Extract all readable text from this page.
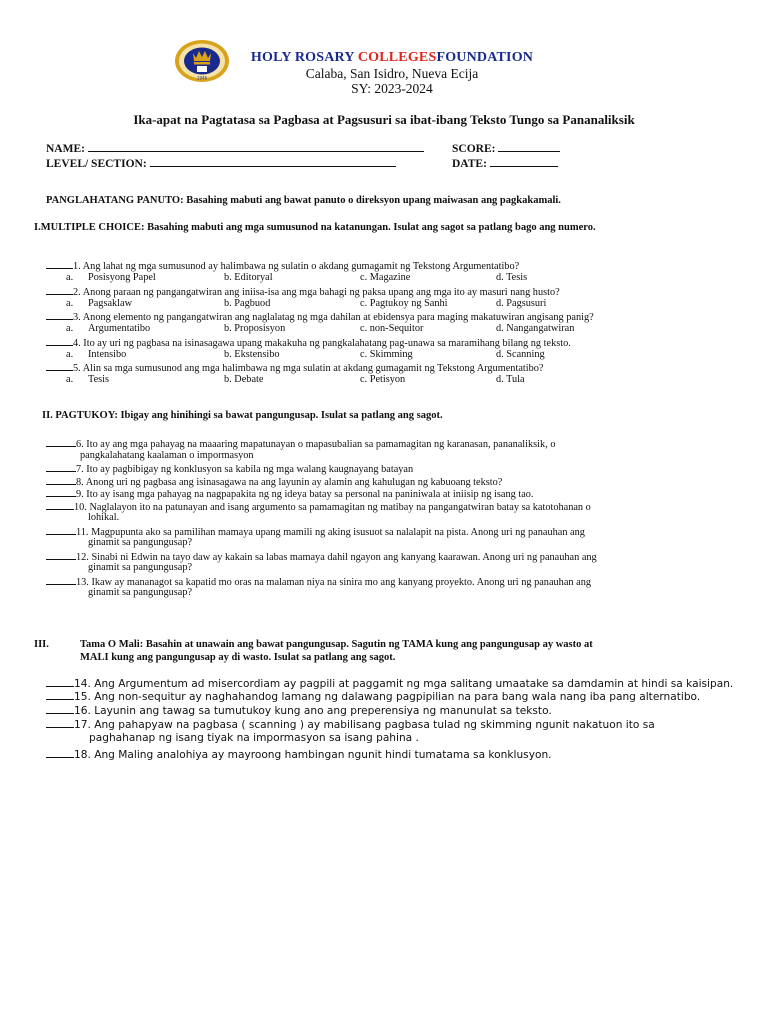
1946
HOLY ROSARY COLLEGESFOUNDATION
Calaba, San Isidro, Nueva Ecija
SY: 2023-2024
Ika-apat na Pagtatasa sa Pagbasa at Pagsusuri sa ibat-ibang Teksto Tungo sa Pananaliksik
NAME:
LEVEL/ SECTION:
SCORE:
DATE:
PANGLAHATANG PANUTO: Basahing mabuti ang bawat panuto o direksyon upang maiwasan ang pagkakamali.
I.MULTIPLE CHOICE: Basahing mabuti ang mga sumusunod na katanungan. Isulat ang sagot sa patlang bago ang numero.
1. Ang lahat ng mga sumusunod ay halimbawa ng sulatin o akdang gumagamit ng Tekstong Argumentatibo?
a. Posisyong Papel	b. Editoryal	c. Magazine	d. Tesis
2. Anong paraan ng pangangatwiran ang iniisa-isa ang mga bahagi ng paksa upang ang mga ito ay masuri nang husto?
a. Pagsaklaw	b. Pagbuod	c. Pagtukoy ng Sanhi	d. Pagsusuri
3. Anong elemento ng pangangatwiran ang naglalatag ng mga dahilan at ebidensya para maging makatuwiran angisang panig?
a. Argumentatibo	b. Proposisyon	c. non-Sequitor	d. Nangangatwiran
4. Ito ay uri ng pagbasa na isinasagawa upang makakuha ng pangkalahatang pag-unawa sa maramihang bilang ng teksto.
a. Intensibo	b. Ekstensibo	c. Skimming	d. Scanning
5. Alin sa mga sumusunod ang mga halimbawa ng mga sulatin at akdang gumagamit ng Tekstong Argumentatibo?
a. Tesis	b. Debate	c. Petisyon	d. Tula
II. PAGTUKOY: Ibigay ang hinihingi sa bawat pangungusap. Isulat sa patlang ang sagot.
6. Ito ay ang mga pahayag na maaaring mapatunayan o mapasubalian sa pamamagitan ng karanasan, pananaliksik, o
pangkalahatang kaalaman o impormasyon
7. Ito ay pagbibigay ng konklusyon sa kabila ng mga walang kaugnayang batayan
8. Anong uri ng pagbasa ang isinasagawa na ang layunin ay alamin ang kahulugan ng kabuoang teksto?
9. Ito ay isang mga pahayag na nagpapakita ng ng ideya batay sa personal na paniniwala at iniisip ng isang tao.
10. Naglalayon ito na patunayan and isang argumento sa pamamagitan ng matibay na pangangatwiran batay sa katotohanan o
lohikal.
11. Magpupunta ako sa pamilihan mamaya upang mamili ng aking isusuot sa nalalapit na pista. Anong uri ng panauhan ang
ginamit sa pangungusap?
12. Sinabi ni Edwin na tayo daw ay kakain sa labas mamaya dahil ngayon ang kanyang kaarawan. Anong uri ng panauhan ang
ginamit sa pangungusap?
13. Ikaw ay mananagot sa kapatid mo oras na malaman niya na sinira mo ang kanyang proyekto. Anong uri ng panauhan ang
ginamit sa pangungusap?
III.	Tama O Mali: Basahin at unawain ang bawat pangungusap. Sagutin ng TAMA kung ang pangungusap ay wasto at
MALI kung ang pangungusap ay di wasto. Isulat sa patlang ang sagot.
14. Ang Argumentum ad misercordiam ay pagpili at paggamit ng mga salitang umaatake sa damdamin at hindi sa kaisipan.
15. Ang non-sequitur ay naghahandog lamang ng dalawang pagpipilian na para bang wala nang iba pang alternatibo.
16. Layunin ang tawag sa tumutukoy kung ano ang preperensiya ng manunulat sa teksto.
17. Ang pahapyaw na pagbasa ( scanning ) ay mabilisang pagbasa tulad ng skimming ngunit nakatuon ito sa
paghahanap ng isang tiyak na impormasyon sa isang pahina .
18. Ang Maling analohiya ay mayroong hambingan ngunit hindi tumatama sa konklusyon.
